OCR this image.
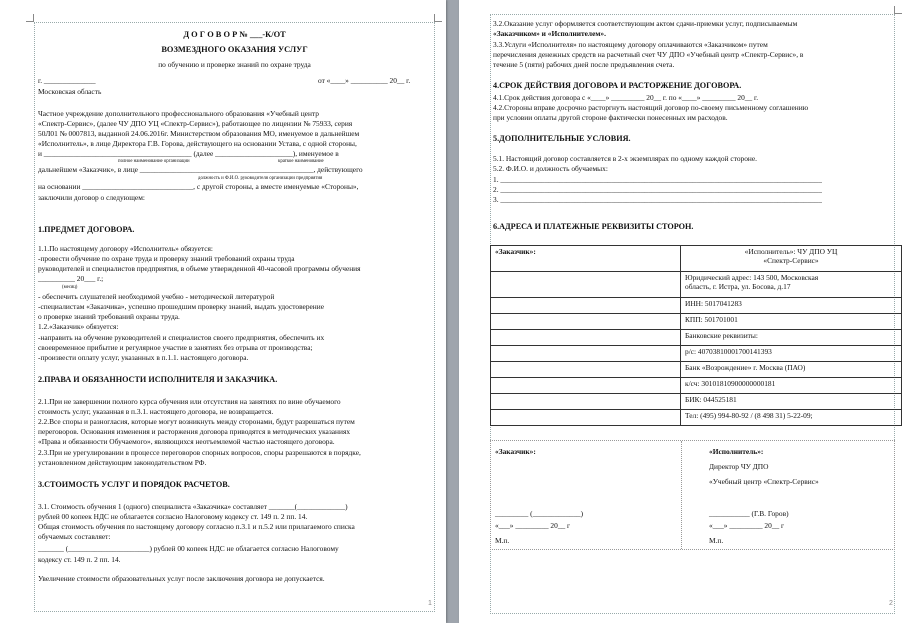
Д О Г О В О Р № ___-К/ОТ
ВОЗМЕЗДНОГО ОКАЗАНИЯ УСЛУГ
по обучению и проверке знаний по охране труда
г. ______________	от «____» __________ 20__ г.
Московская область
Частное учреждение дополнительного профессионального образования «Учебный центр
«Спектр-Сервис», (далее ЧУ ДПО УЦ «Спектр-Сервис»), работающее по лицензии № 75933, серия
50Л01 № 0007813, выданной 24.06.2016г. Министерством образования МО, именуемое в дальнейшем
«Исполнитель», в лице Директора Г.В. Горова, действующего на основании Устава, с одной стороны,
и ________________________________________ (далее _____________________), именуемое в
полное наименование организации	краткое наименование
дальнейшем «Заказчик», в лице _______________________________________________, действующего
должность и Ф.И.О. руководителя организации предприятия
на основании ______________________________, с другой стороны, а вместе именуемые «Стороны»,
заключили договор о следующем:
1.ПРЕДМЕТ ДОГОВОРА.
1.1.По настоящему договору «Исполнитель» обязуется:
-провести обучение по охране труда и проверку знаний требований охраны труда
руководителей и специалистов предприятия, в объеме утвержденной 40-часовой программы обучения
__________ 20___ г.;
(месяц)
- обеспечить слушателей необходимой учебно - методической литературой
-специалистам «Заказчика», успешно прошедшим проверку знаний, выдать удостоверение
о проверке знаний требований охраны труда.
1.2.«Заказчик» обязуется:
-направить на обучение руководителей и специалистов своего предприятия, обеспечить их
своевременное прибытие и регулярное участие в занятиях без отрыва от производства;
-произвести оплату услуг, указанных в п.1.1. настоящего договора.
2.ПРАВА И ОБЯЗАННОСТИ ИСПОЛНИТЕЛЯ И ЗАКАЗЧИКА.
2.1.При не завершении полного курса обучения или отсутствия на занятиях по вине обучаемого
стоимость услуг, указанная в п.3.1. настоящего договора, не возвращается.
2.2.Все споры и разногласия, которые могут возникнуть между сторонами, будут разрешаться путем
переговоров. Основания изменения и расторжения договора приводятся в методических указаниях
«Права и обязанности Обучаемого», являющихся неотъемлемой частью настоящего договора.
2.3.При не урегулировании в процессе переговоров спорных вопросов, споры разрешаются в порядке,
установленном действующим законодательством РФ.
3.СТОИМОСТЬ УСЛУГ И ПОРЯДОК РАСЧЕТОВ.
3.1. Стоимость обучения 1 (одного) специалиста «Заказчика» составляет _______(_____________)
рублей 00 копеек НДС не облагается согласно Налоговому кодексу ст. 149 п. 2 пп. 14.
Общая стоимость обучения по настоящему договору согласно п.3.1 и п.5.2 или прилагаемого списка
обучаемых составляет:
_______ (______________________) рублей 00 копеек НДС не облагается согласно Налоговому
кодексу ст. 149 п. 2 пп. 14.
Увеличение стоимости образовательных услуг после заключения договора не допускается.
1
3.2.Оказание услуг оформляется соответствующим актом сдачи-приемки услуг, подписываемым
«Заказчиком» и «Исполнителем».
3.3.Услуги «Исполнителя» по настоящему договору оплачиваются «Заказчиком» путем
перечисления денежных средств на расчетный счет ЧУ ДПО «Учебный центр «Спектр-Сервис», в
течение 5 (пяти) рабочих дней после предъявления счета.
4.СРОК ДЕЙСТВИЯ ДОГОВОРА И РАСТОРЖЕНИЕ ДОГОВОРА.
4.1.Срок действия договора с «____» _________ 20__ г. по «____» _________ 20__ г.
4.2.Стороны вправе досрочно расторгнуть настоящий договор по-своему письменному соглашению
при условии оплаты другой стороне фактически понесенных им расходов.
5.ДОПОЛНИТЕЛЬНЫЕ УСЛОВИЯ.
5.1. Настоящий договор составляется в 2-х экземплярах по одному каждой стороне.
5.2. Ф.И.О. и должность обучаемых:
1. _______________________________________________________________________________________
2. _______________________________________________________________________________________
3. _______________________________________________________________________________________
6.АДРЕСА И ПЛАТЕЖНЫЕ РЕКВИЗИТЫ СТОРОН.
«Заказчик»:	«Исполнитель»: ЧУ ДПО УЦ
«Спектр-Сервис»
	Юридический адрес: 143 500, Московская
область, г. Истра, ул. Босова, д.17
	ИНН: 5017041283
	КПП: 501701001
	Банковские реквизиты:
	р/с: 40703810001700141393
	Банк «Возрождение» г. Москва (ПАО)
	к/сч: 30101810900000000181
	БИК: 044525181
	Тел: (495) 994-80-92 / (8 498 31) 5-22-09;
«Заказчик»:	«Исполнитель»:
Директор ЧУ ДПО
«Учебный центр «Спектр-Сервис»
_________ (_____________)	___________ (Г.В. Горов)
«___» _________ 20__ г	«___» _________ 20__ г
М.п.	М.п.
2
